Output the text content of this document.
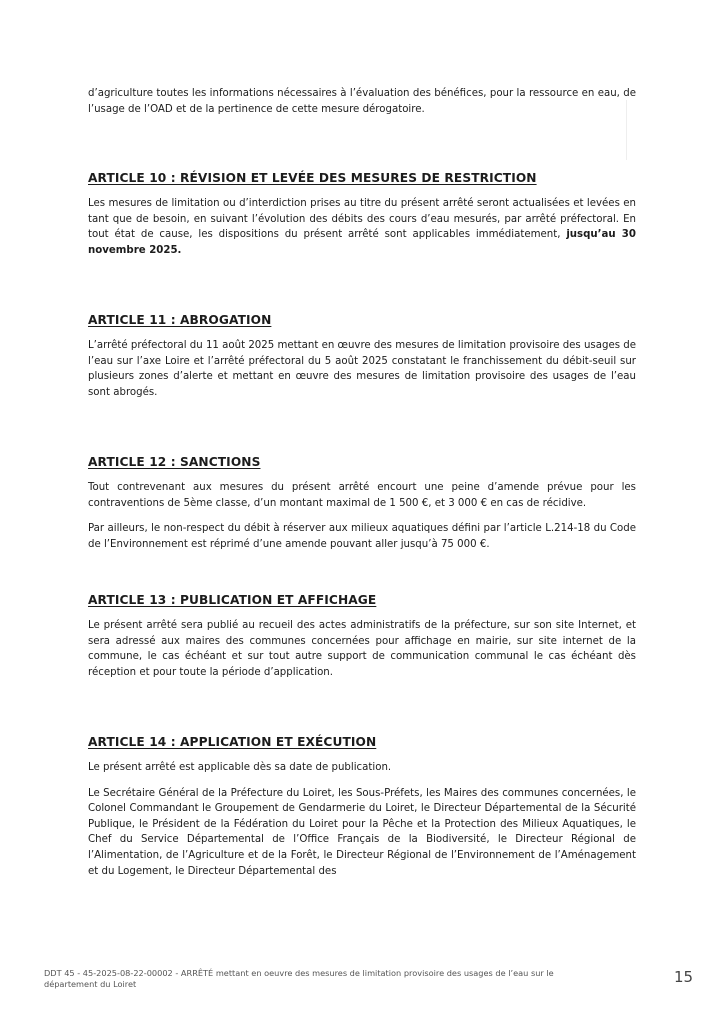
d’agriculture toutes les informations nécessaires à l’évaluation des bénéfices, pour la ressource en eau, de l’usage de l’OAD et de la pertinence de cette mesure dérogatoire.

ARTICLE 10 : RÉVISION ET LEVÉE DES MESURES DE RESTRICTION

Les mesures de limitation ou d’interdiction prises au titre du présent arrêté seront actualisées et levées en tant que de besoin, en suivant l’évolution des débits des cours d’eau mesurés, par arrêté préfectoral. En tout état de cause, les dispositions du présent arrêté sont applicables immédiatement, jusqu’au 30 novembre 2025.

ARTICLE 11 : ABROGATION

L’arrêté préfectoral du 11 août 2025 mettant en œuvre des mesures de limitation provisoire des usages de l’eau sur l’axe Loire et l’arrêté préfectoral du 5 août 2025 constatant le franchissement du débit-seuil sur plusieurs zones d’alerte et mettant en œuvre des mesures de limitation provisoire des usages de l’eau sont abrogés.

ARTICLE 12 : SANCTIONS

Tout contrevenant aux mesures du présent arrêté encourt une peine d’amende prévue pour les contraventions de 5ème classe, d’un montant maximal de 1 500 €, et 3 000 € en cas de récidive.

Par ailleurs, le non-respect du débit à réserver aux milieux aquatiques défini par l’article L.214-18 du Code de l’Environnement est réprimé d’une amende pouvant aller jusqu’à 75 000 €.

ARTICLE 13 : PUBLICATION ET AFFICHAGE

Le présent arrêté sera publié au recueil des actes administratifs de la préfecture, sur son site Internet, et sera adressé aux maires des communes concernées pour affichage en mairie, sur site internet de la commune, le cas échéant et sur tout autre support de communication communal le cas échéant dès réception et pour toute la période d’application.

ARTICLE 14 : APPLICATION ET EXÉCUTION

Le présent arrêté est applicable dès sa date de publication.

Le Secrétaire Général de la Préfecture du Loiret, les Sous-Préfets, les Maires des communes concernées, le Colonel Commandant le Groupement de Gendarmerie du Loiret, le Directeur Départemental de la Sécurité Publique, le Président de la Fédération du Loiret pour la Pêche et la Protection des Milieux Aquatiques, le Chef du Service Départemental de l’Office Français de la Biodiversité, le Directeur Régional de l’Alimentation, de l’Agriculture et de la Forêt, le Directeur Régional de l’Environnement de l’Aménagement et du Logement, le Directeur Départemental des

DDT 45 - 45-2025-08-22-00002 - ARRÊTÉ mettant en oeuvre des mesures de limitation provisoire des usages de l’eau sur le département du Loiret	15
